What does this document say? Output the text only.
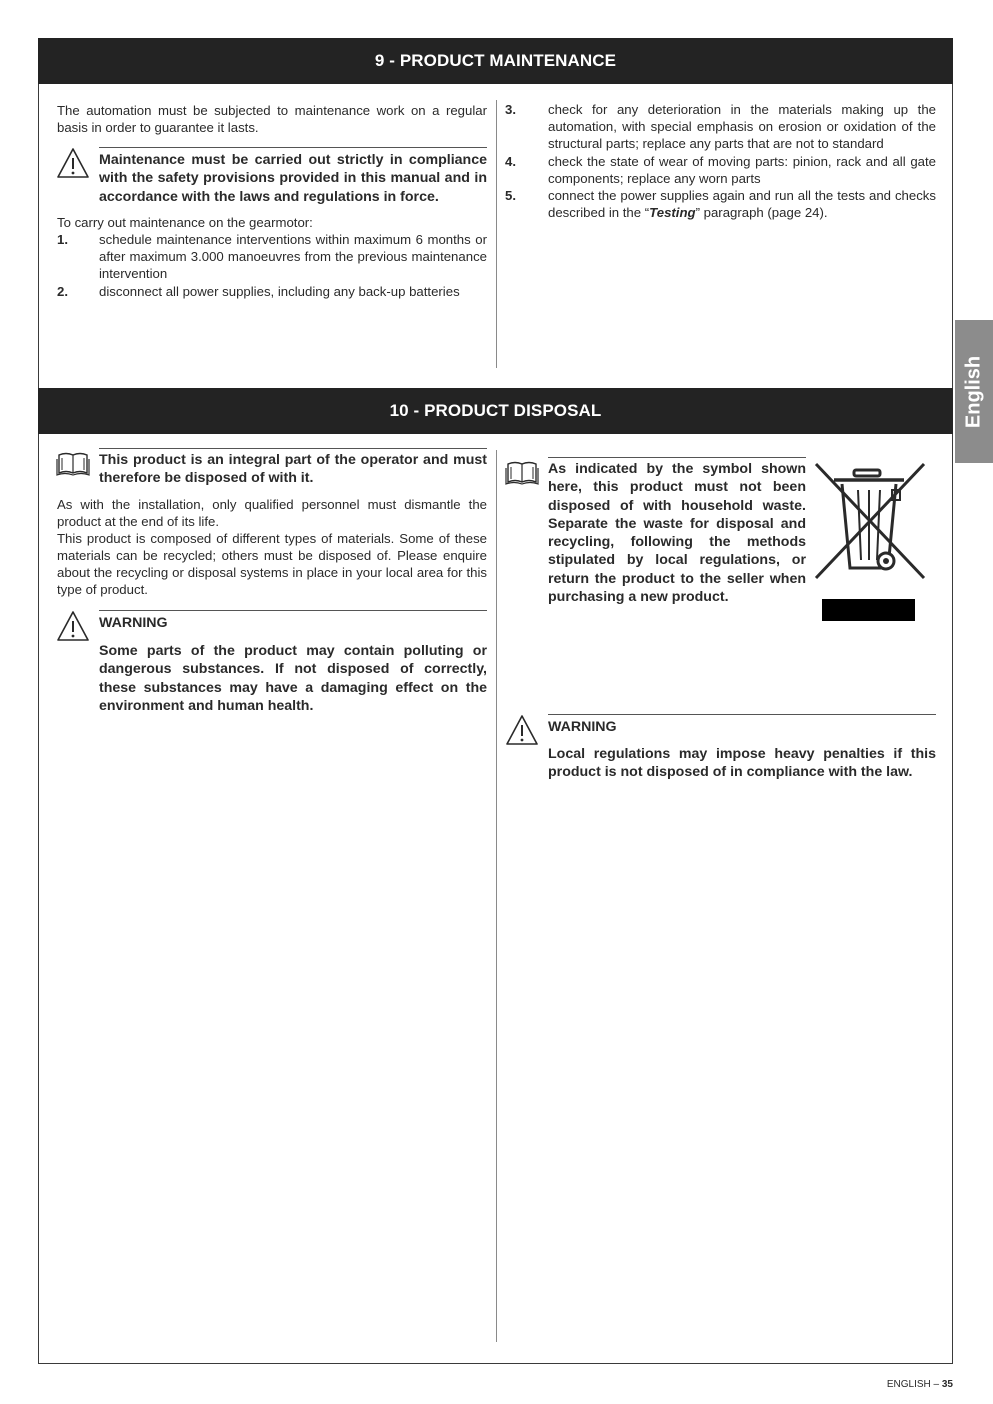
9 - PRODUCT MAINTENANCE
The automation must be subjected to maintenance work on a regular basis in order to guarantee it lasts.
Maintenance must be carried out strictly in compliance with the safety provisions provided in this manual and in accordance with the laws and regulations in force.
To carry out maintenance on the gearmotor:
1. schedule maintenance interventions within maximum 6 months or after maximum 3.000 manoeuvres from the previous maintenance intervention
2. disconnect all power supplies, including any back-up batteries
3. check for any deterioration in the materials making up the automation, with special emphasis on erosion or oxidation of the structural parts; replace any parts that are not to standard
4. check the state of wear of moving parts: pinion, rack and all gate components; replace any worn parts
5. connect the power supplies again and run all the tests and checks described in the “Testing” paragraph (page 24).
10 - PRODUCT DISPOSAL
This product is an integral part of the operator and must therefore be disposed of with it.
As with the installation, only qualified personnel must dismantle the product at the end of its life.
This product is composed of different types of materials. Some of these materials can be recycled; others must be disposed of. Please enquire about the recycling or disposal systems in place in your local area for this type of product.
WARNING
Some parts of the product may contain polluting or dangerous substances. If not disposed of correctly, these substances may have a damaging effect on the environment and human health.
As indicated by the symbol shown here, this product must not been disposed of with household waste. Separate the waste for disposal and recycling, following the methods stipulated by local regulations, or return the product to the seller when purchasing a new product.
WARNING
Local regulations may impose heavy penalties if this product is not disposed of in compliance with the law.
English
ENGLISH – 35
